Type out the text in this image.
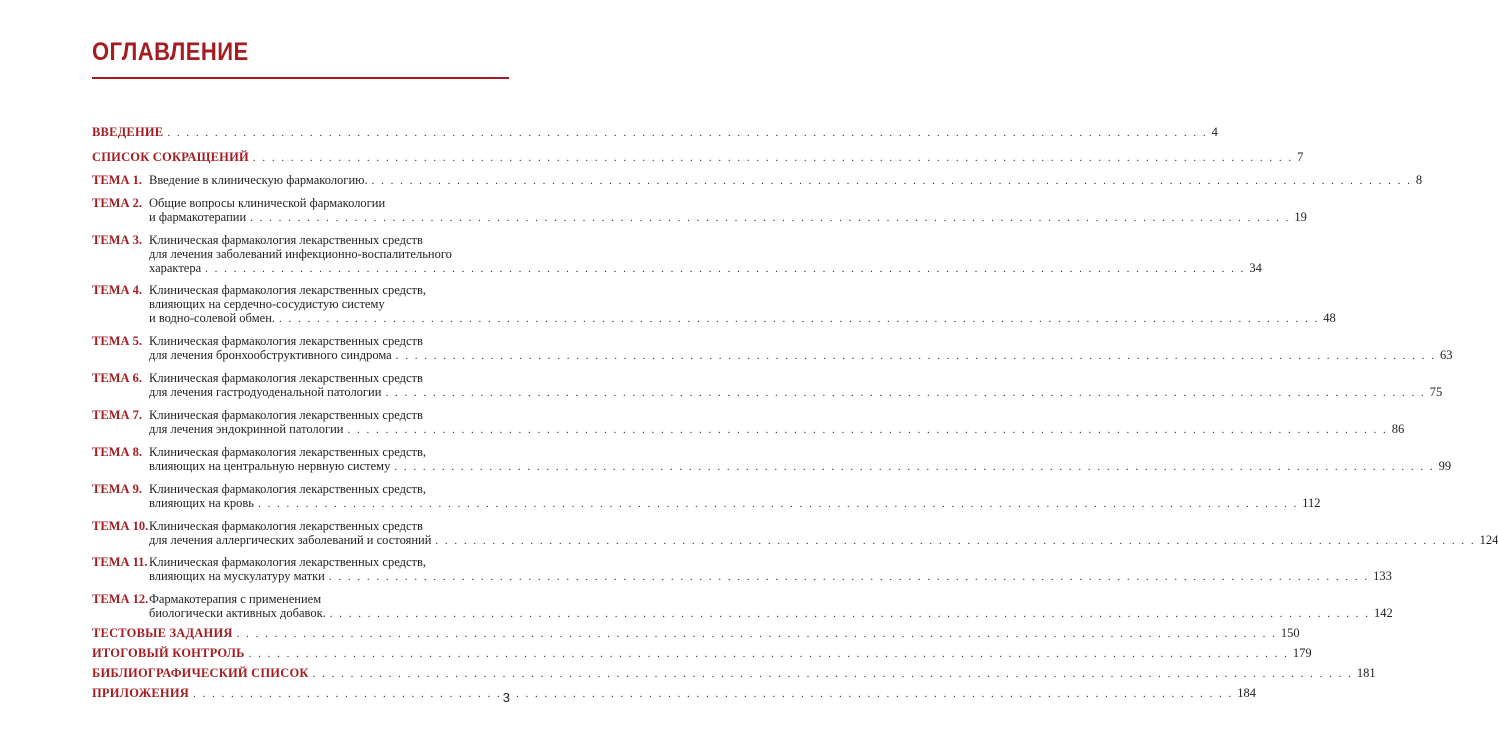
ОГЛАВЛЕНИЕ
ВВЕДЕНИЕ . . .	4
СПИСОК СОКРАЩЕНИЙ . . .	7
ТЕМА 1. Введение в клиническую фармакологию. . . .	8
ТЕМА 2. Общие вопросы клинической фармакологии
и фармакотерапии . . .	19
ТЕМА 3. Клиническая фармакология лекарственных средств
для лечения заболеваний инфекционно-воспалительного
характера . . .	34
ТЕМА 4. Клиническая фармакология лекарственных средств,
влияющих на сердечно-сосудистую систему
и водно-солевой обмен. . . .	48
ТЕМА 5. Клиническая фармакология лекарственных средств
для лечения бронхообструктивного синдрома . . .	63
ТЕМА 6. Клиническая фармакология лекарственных средств
для лечения гастродуоденальной патологии . . .	75
ТЕМА 7. Клиническая фармакология лекарственных средств
для лечения эндокринной патологии . . .	86
ТЕМА 8. Клиническая фармакология лекарственных средств,
влияющих на центральную нервную систему . . .	99
ТЕМА 9. Клиническая фармакология лекарственных средств,
влияющих на кровь . . .	112
ТЕМА 10. Клиническая фармакология лекарственных средств
для лечения аллергических заболеваний и состояний . . .	124
ТЕМА 11. Клиническая фармакология лекарственных средств,
влияющих на мускулатуру матки . . .	133
ТЕМА 12. Фармакотерапия с применением
биологически активных добавок. . . .	142
ТЕСТОВЫЕ ЗАДАНИЯ . . .	150
ИТОГОВЫЙ КОНТРОЛЬ . . .	179
БИБЛИОГРАФИЧЕСКИЙ СПИСОК . . .	181
ПРИЛОЖЕНИЯ . . .	184
3
